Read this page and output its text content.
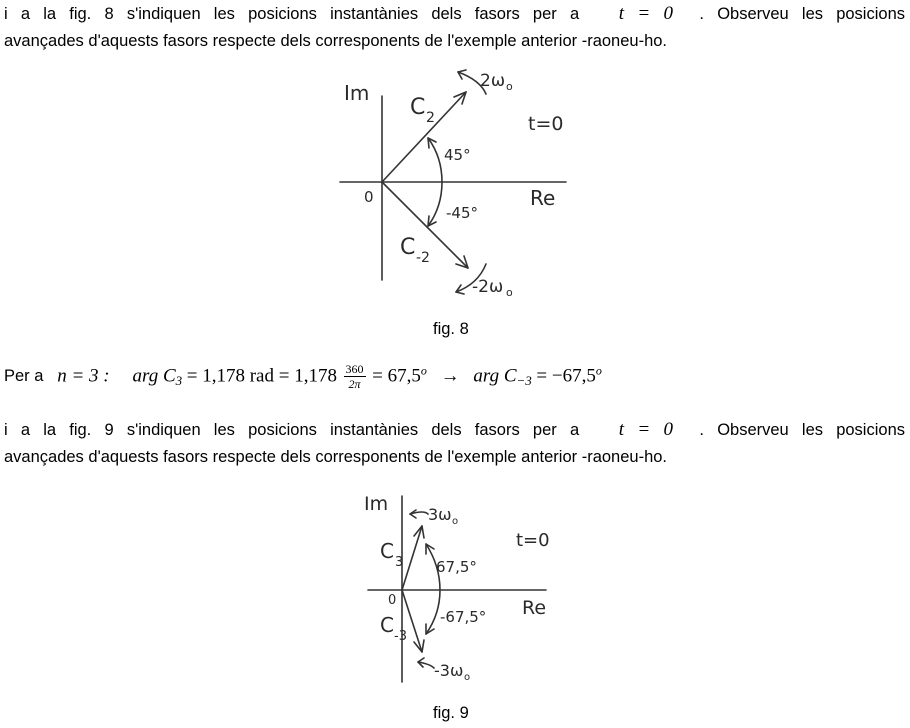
i a la fig. 8 s'indiquen les posicions instantànies dels fasors per a t = 0 . Observeu les posicions
avançades d'aquests fasors respecte dels corresponents de l'exemple anterior -raoneu-ho.
Im
Re
0
t=0
C 2
C -2
45°
-45°
2ω o
-2ω o
fig. 8
Per a n = 3 : arg $C_3 = 1,178$ rad = $1,178 \frac{360}{2\pi} = 67,5^o$ → arg $C_{-3} = -67,5^o$
i a la fig. 9 s'indiquen les posicions instantànies dels fasors per a t = 0 . Observeu les posicions
avançades d'aquests fasors respecte dels corresponents de l'exemple anterior -raoneu-ho.
Im
Re
0
t=0
C 3
C -3
67,5°
-67,5°
3ω o
-3ω o
fig. 9
